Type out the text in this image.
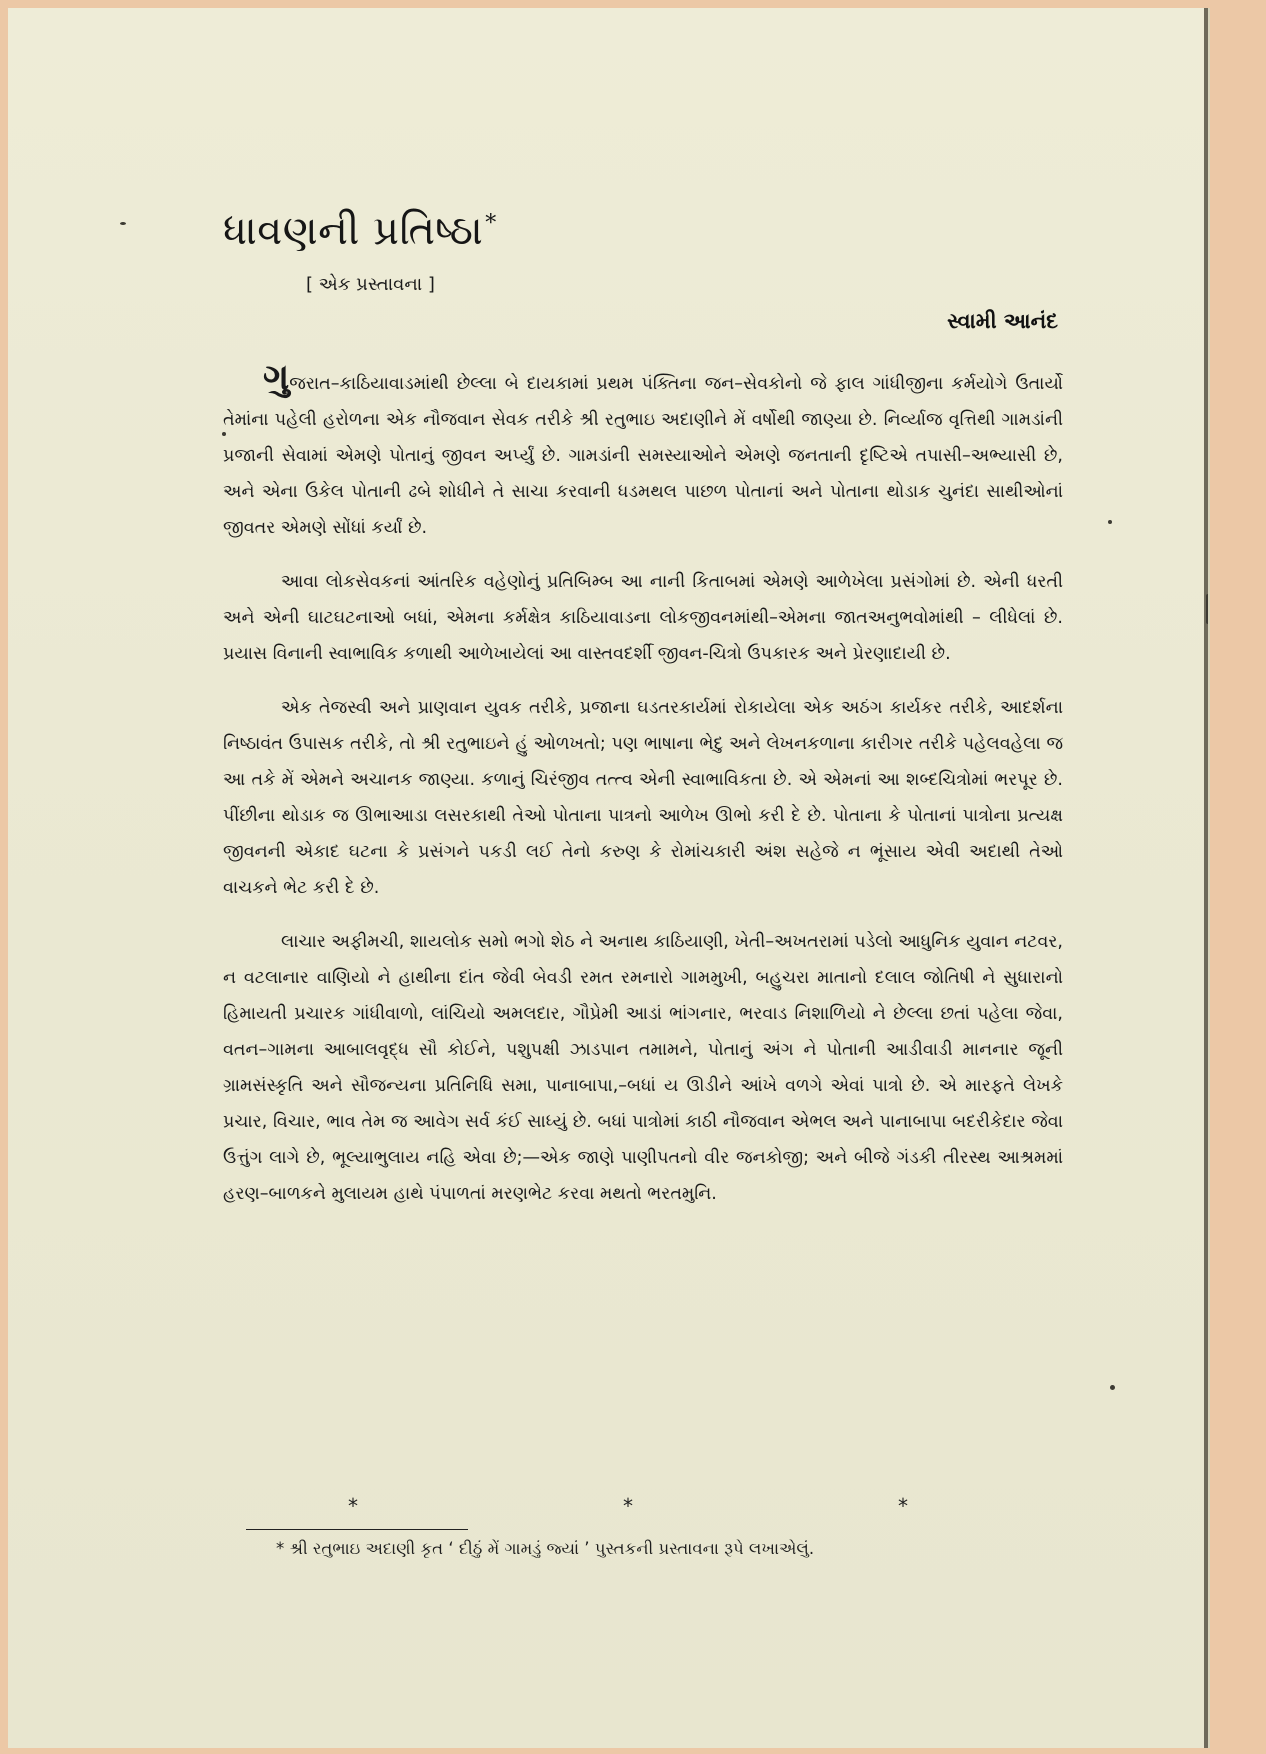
ધાવણની પ્રતિષ્ઠા*
[ એક પ્રસ્તાવના ]
સ્વામી આનંદ

ગુજરાત–કાઠિયાવાડમાંથી છેલ્લા બે દાયકામાં પ્રથમ પંક્તિના જન–સેવકોનો જે ફાલ ગાંધીજીના કર્મયોગે ઉતાર્યો તેમાંના પહેલી હરોળના એક નૌજવાન સેવક તરીકે શ્રી રતુભાઇ અદાણીને મેં વર્ષોથી જાણ્યા છે. નિર્વ્યાજ વૃત્તિથી ગામડાંની પ્રજાની સેવામાં એમણે પોતાનું જીવન અર્પ્યું છે. ગામડાંની સમસ્યાઓને એમણે જનતાની દૃષ્ટિએ તપાસી–અભ્યાસી છે, અને એના ઉકેલ પોતાની ઢબે શોધીને તે સાચા કરવાની ધડમથલ પાછળ પોતાનાં અને પોતાના થોડાક ચુનંદા સાથીઓનાં જીવતર એમણે સોંધાં કર્યાં છે.

આવા લોકસેવકનાં આંતરિક વહેણોનું પ્રતિબિમ્બ આ નાની કિતાબમાં એમણે આળેખેલા પ્રસંગોમાં છે. એની ધરતી અને એની ઘાટઘટનાઓ બધાં, એમના કર્મક્ષેત્ર કાઠિયાવાડના લોકજીવનમાંથી–એમના જાતઅનુભવોમાંથી – લીધેલાં છે. પ્રયાસ વિનાની સ્વાભાવિક કળાથી આળેખાયેલાં આ વાસ્તવદર્શી જીવન-ચિત્રો ઉપકારક અને પ્રેરણાદાયી છે.

એક તેજસ્વી અને પ્રાણવાન યુવક તરીકે, પ્રજાના ઘડતરકાર્યમાં રોકાયેલા એક અઠંગ કાર્યકર તરીકે, આદર્શના નિષ્ઠાવંત ઉપાસક તરીકે, તો શ્રી રતુભાઇને હું ઓળખતો; પણ ભાષાના ભેદુ અને લેખનકળાના કારીગર તરીકે પહેલવહેલા જ આ તકે મેં એમને અચાનક જાણ્યા. કળાનું ચિરંજીવ તત્ત્વ એની સ્વાભાવિકતા છે. એ એમનાં આ શબ્દચિત્રોમાં ભરપૂર છે. પીંછીના થોડાક જ ઊભાઆડા લસરકાથી તેઓ પોતાના પાત્રનો આળેખ ઊભો કરી દે છે. પોતાના કે પોતાનાં પાત્રોના પ્રત્યક્ષ જીવનની એકાદ ઘટના કે પ્રસંગને પકડી લઈ તેનો કરુણ કે રોમાંચકારી અંશ સહેજે ન ભૂંસાય એવી અદાથી તેઓ વાચકને ભેટ કરી દે છે.

લાચાર અફીમચી, શાયલોક સમો ભગો શેઠ ને અનાથ કાઠિયાણી, ખેતી–અખતરામાં પડેલો આધુનિક યુવાન નટવર, ન વટલાનાર વાણિયો ને હાથીના દાંત જેવી બેવડી રમત રમનારો ગામમુખી, બહુચરા માતાનો દલાલ જોતિષી ને સુધારાનો હિમાયતી પ્રચારક ગાંધીવાળો, લાંચિયો અમલદાર, ગૌપ્રેમી આડાં ભાંગનાર, ભરવાડ નિશાળિયો ને છેલ્લા છતાં પહેલા જેવા, વતન–ગામના આબાલવૃદ્ધ સૌ કોઈને, પશુપક્ષી ઝાડપાન તમામને, પોતાનું અંગ ને પોતાની આડીવાડી માનનાર જૂની ગ્રામસંસ્કૃતિ અને સૌજન્યના પ્રતિનિધિ સમા, પાનાબાપા,–બધાં ય ઊડીને આંખે વળગે એવાં પાત્રો છે. એ મારફતે લેખકે પ્રચાર, વિચાર, ભાવ તેમ જ આવેગ સર્વ કંઈ સાધ્યું છે. બધાં પાત્રોમાં કાઠી નૌજવાન એભલ અને પાનાબાપા બદરીકેદાર જેવા ઉત્તુંગ લાગે છે, ભૂલ્યાભુલાય નહિ એવા છે;—એક જાણે પાણીપતનો વીર જનકોજી; અને બીજે ગંડકી તીરસ્થ આશ્રમમાં હરણ–બાળકને મુલાયમ હાથે પંપાળતાં મરણભેટ કરવા મથતો ભરતમુનિ.

*	*	*
* શ્રી રતુભાઇ અદાણી કૃત ‘ દીઠું મેં ગામડું જ્યાં ’ પુસ્તકની પ્રસ્તાવના રૂપે લખાએલું.
